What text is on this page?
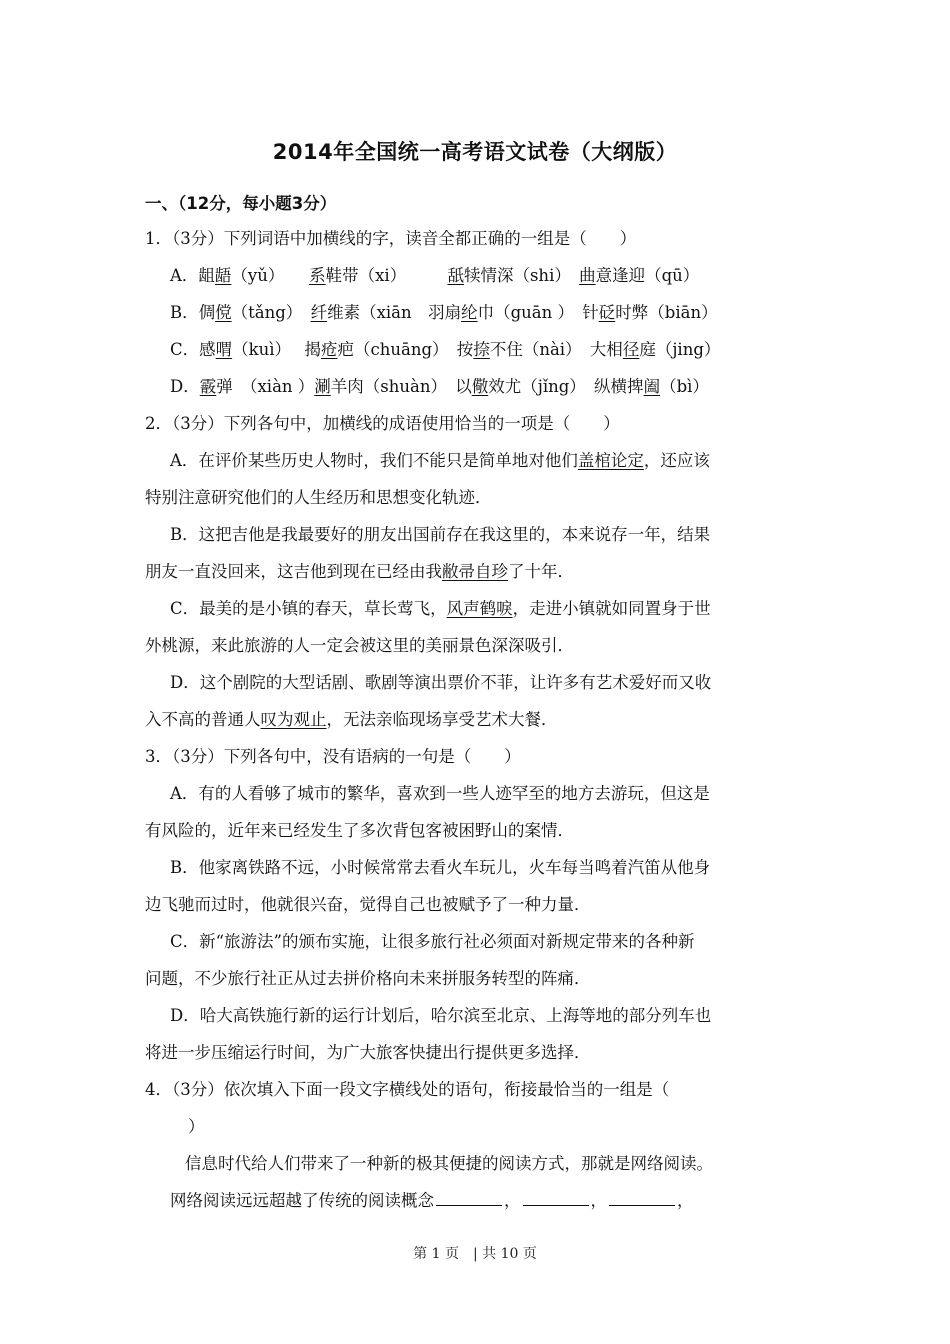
2014年全国统一高考语文试卷（大纲版）
一、（12分，每小题3分）
1．（3分）下列词语中加横线的字，读音全都正确的一组是（　　）
A．龃龉（yǔ）　　系鞋带（xi）　　　舐犊情深（shi）　曲意逢迎（qū）
B．倜傥（tǎng）　纤维素（xiān　羽扇纶巾（guān ）　针砭时弊（biān）
C．感喟（kuì）　 揭疮疤（chuāng）　按捺不住（nài）　大相径庭（jing）
D．霰弹　（xiàn ）涮羊肉（shuàn）　以儆效尤（jǐng）　纵横捭阖（bì）
2．（3分）下列各句中，加横线的成语使用恰当的一项是（　　）
A．在评价某些历史人物时，我们不能只是简单地对他们盖棺论定，还应该
特别注意研究他们的人生经历和思想变化轨迹．
B．这把吉他是我最要好的朋友出国前存在我这里的，本来说存一年，结果
朋友一直没回来，这吉他到现在已经由我敝帚自珍了十年．
C．最美的是小镇的春天，草长莺飞，风声鹤唳，走进小镇就如同置身于世
外桃源，来此旅游的人一定会被这里的美丽景色深深吸引．
D．这个剧院的大型话剧、歌剧等演出票价不菲，让许多有艺术爱好而又收
入不高的普通人叹为观止，无法亲临现场享受艺术大餐．
3．（3分）下列各句中，没有语病的一句是（　　）
A．有的人看够了城市的繁华，喜欢到一些人迹罕至的地方去游玩，但这是
有风险的，近年来已经发生了多次背包客被困野山的案情．
B．他家离铁路不远，小时候常常去看火车玩儿，火车每当鸣着汽笛从他身
边飞驰而过时，他就很兴奋，觉得自己也被赋予了一种力量．
C．新“旅游法”的颁布实施，让很多旅行社必须面对新规定带来的各种新
问题，不少旅行社正从过去拼价格向未来拼服务转型的阵痛．
D．哈大高铁施行新的运行计划后，哈尔滨至北京、上海等地的部分列车也
将进一步压缩运行时间，为广大旅客快捷出行提供更多选择．
4．（3分）依次填入下面一段文字横线处的语句，衔接最恰当的一组是（
）
信息时代给人们带来了一种新的极其便捷的阅读方式，那就是网络阅读。
网络阅读远远超越了传统的阅读概念	，	，	，
第 1 页　| 共 10 页
